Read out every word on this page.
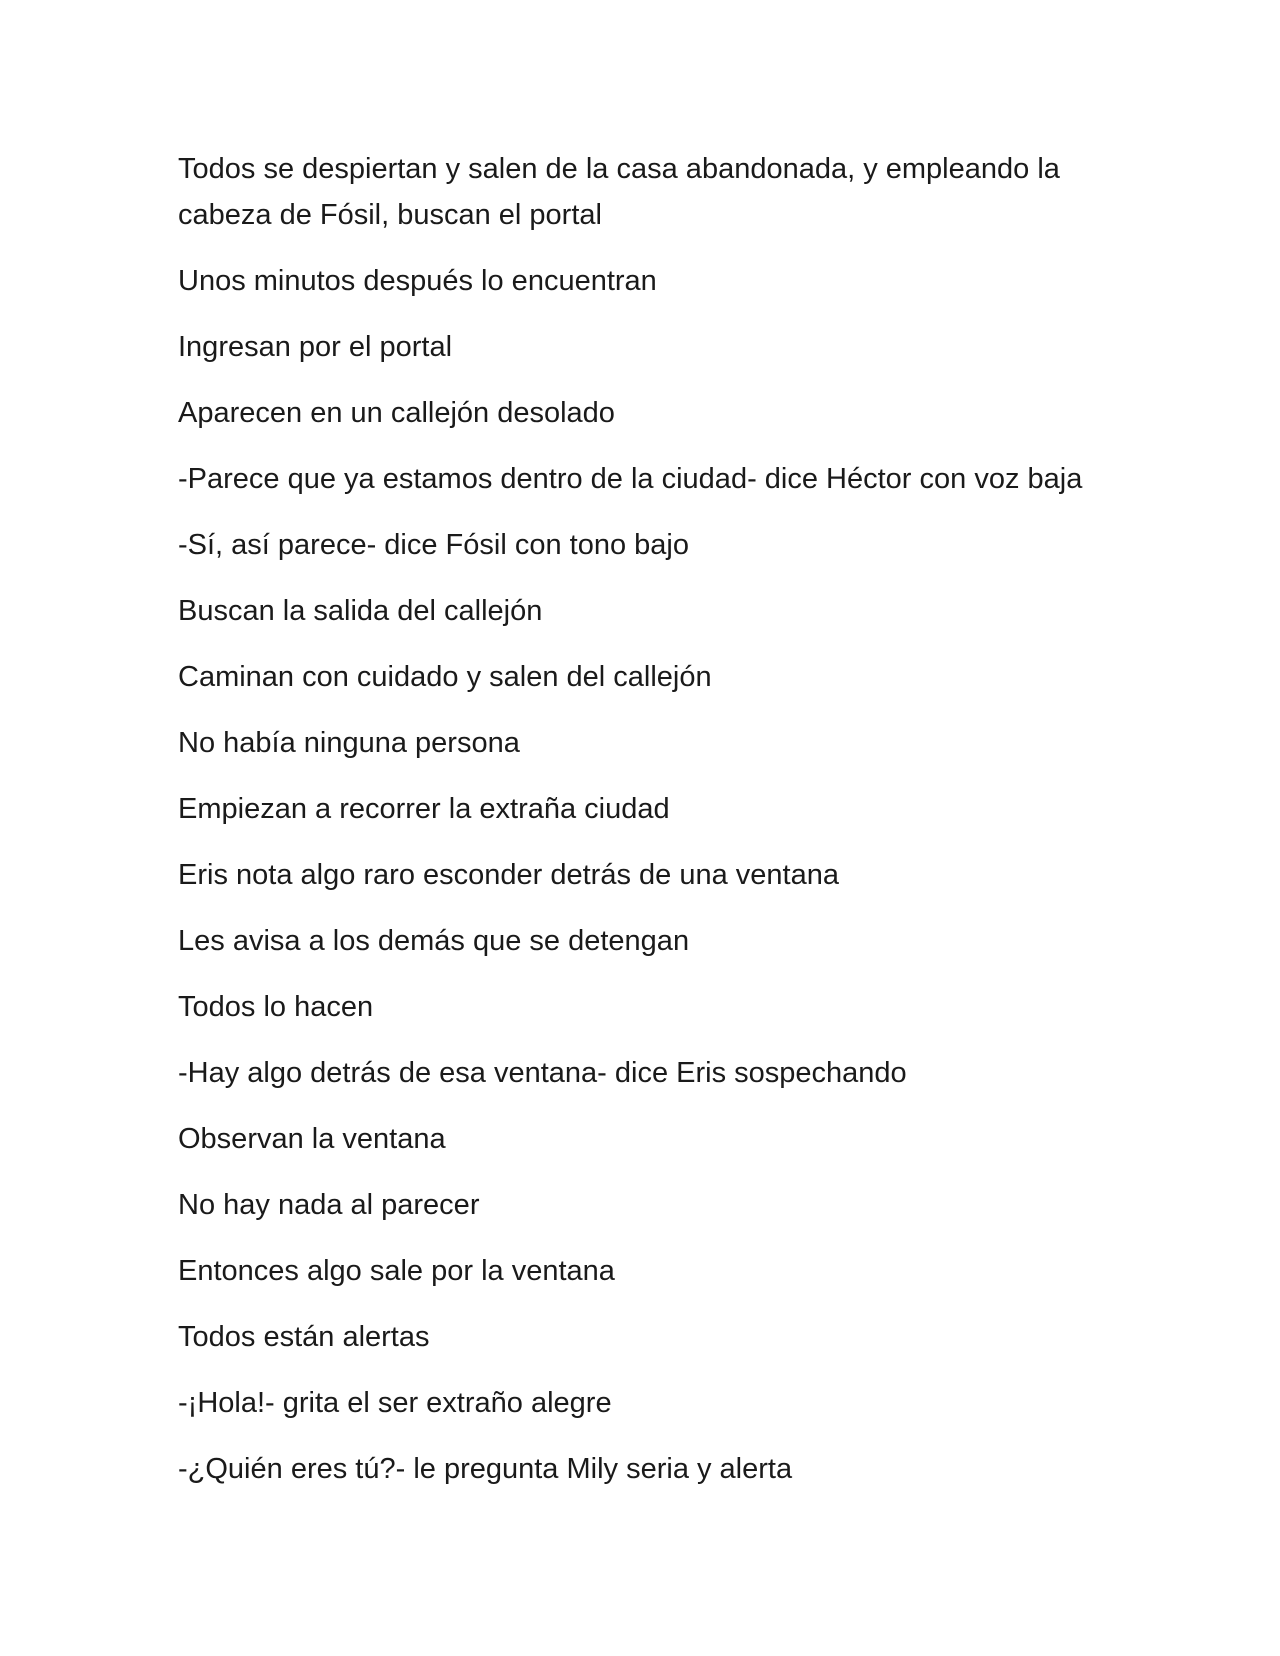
Todos se despiertan y salen de la casa abandonada, y empleando la cabeza de Fósil, buscan el portal

Unos minutos después lo encuentran

Ingresan por el portal

Aparecen en un callejón desolado

-Parece que ya estamos dentro de la ciudad- dice Héctor con voz baja

-Sí, así parece- dice Fósil con tono bajo

Buscan la salida del callejón

Caminan con cuidado y salen del callejón

No había ninguna persona

Empiezan a recorrer la extraña ciudad

Eris nota algo raro esconder detrás de una ventana

Les avisa a los demás que se detengan

Todos lo hacen

-Hay algo detrás de esa ventana- dice Eris sospechando

Observan la ventana

No hay nada al parecer

Entonces algo sale por la ventana

Todos están alertas

-¡Hola!- grita el ser extraño alegre

-¿Quién eres tú?- le pregunta Mily seria y alerta
